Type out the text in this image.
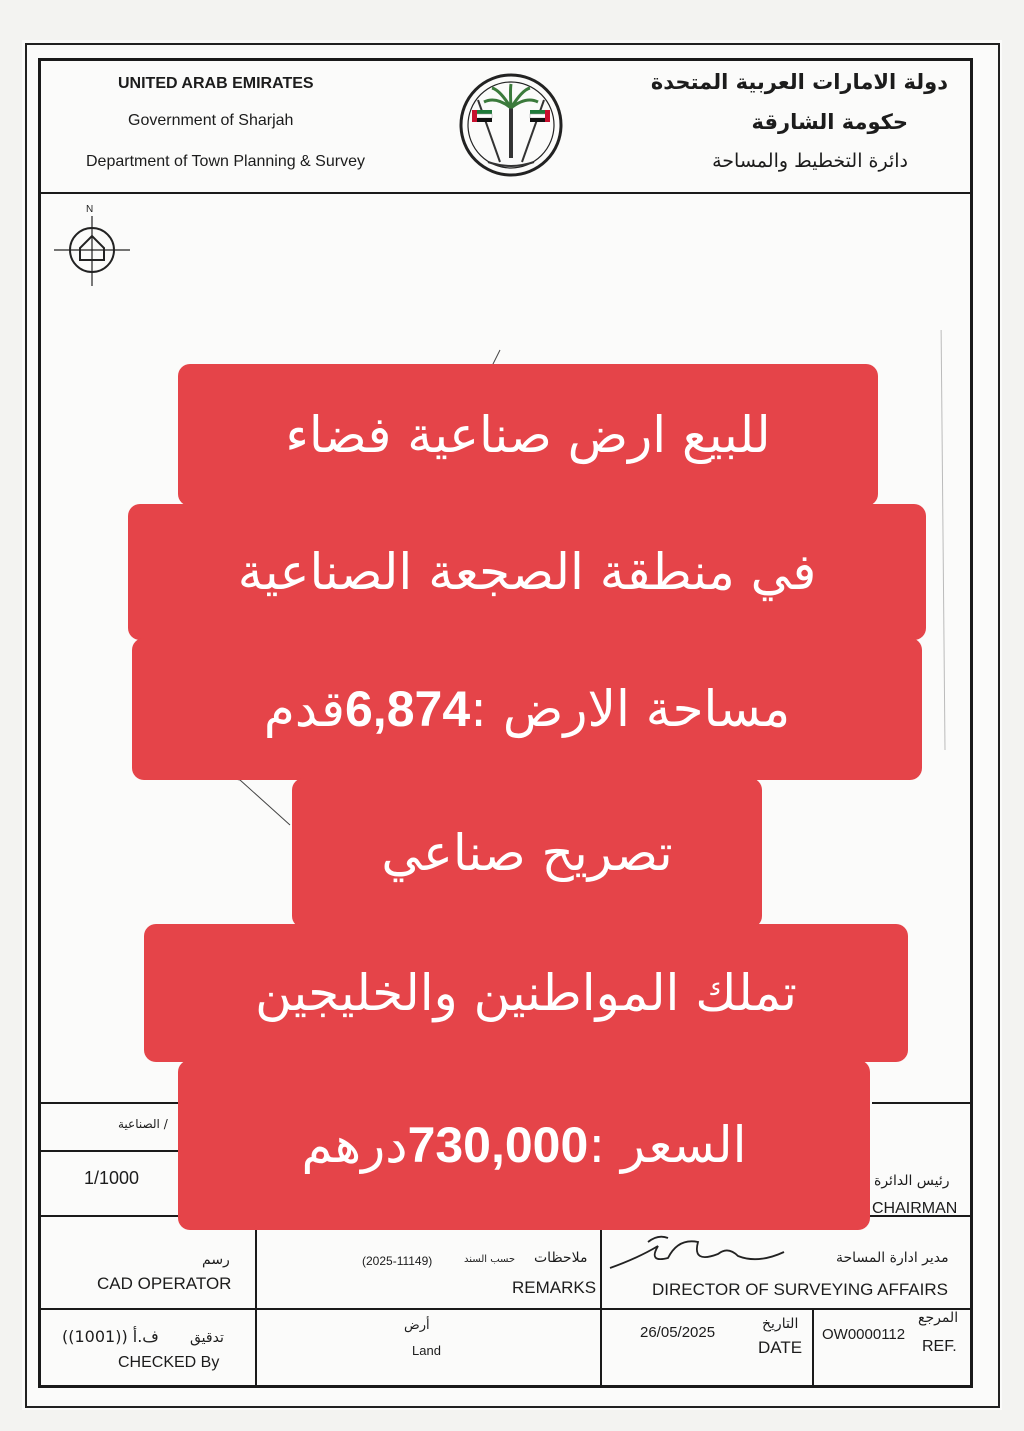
UNITED ARAB EMIRATES
Government of Sharjah
Department of Town Planning & Survey
دولة الامارات العربية المتحدة
حكومة الشارقة
دائرة التخطيط والمساحة
N
/ الصناعية
1/1000	رئيس الدائرة
CHAIRMAN
رسم
CAD OPERATOR
ملاحظات
حسب السند
(2025-11149)
REMARKS
مدير ادارة المساحة
DIRECTOR OF SURVEYING AFFAIRS
تدقيق
ف.أ ((1001))
CHECKED By
أرض
Land
26/05/2025	التاريخ
DATE
OW0000112
المرجع
REF.
للبيع ارض صناعية فضاء
في منطقة الصجعة الصناعية
مساحة الارض :6,874قدم
تصريح صناعي
تملك المواطنين والخليجين
السعر :730,000درهم
